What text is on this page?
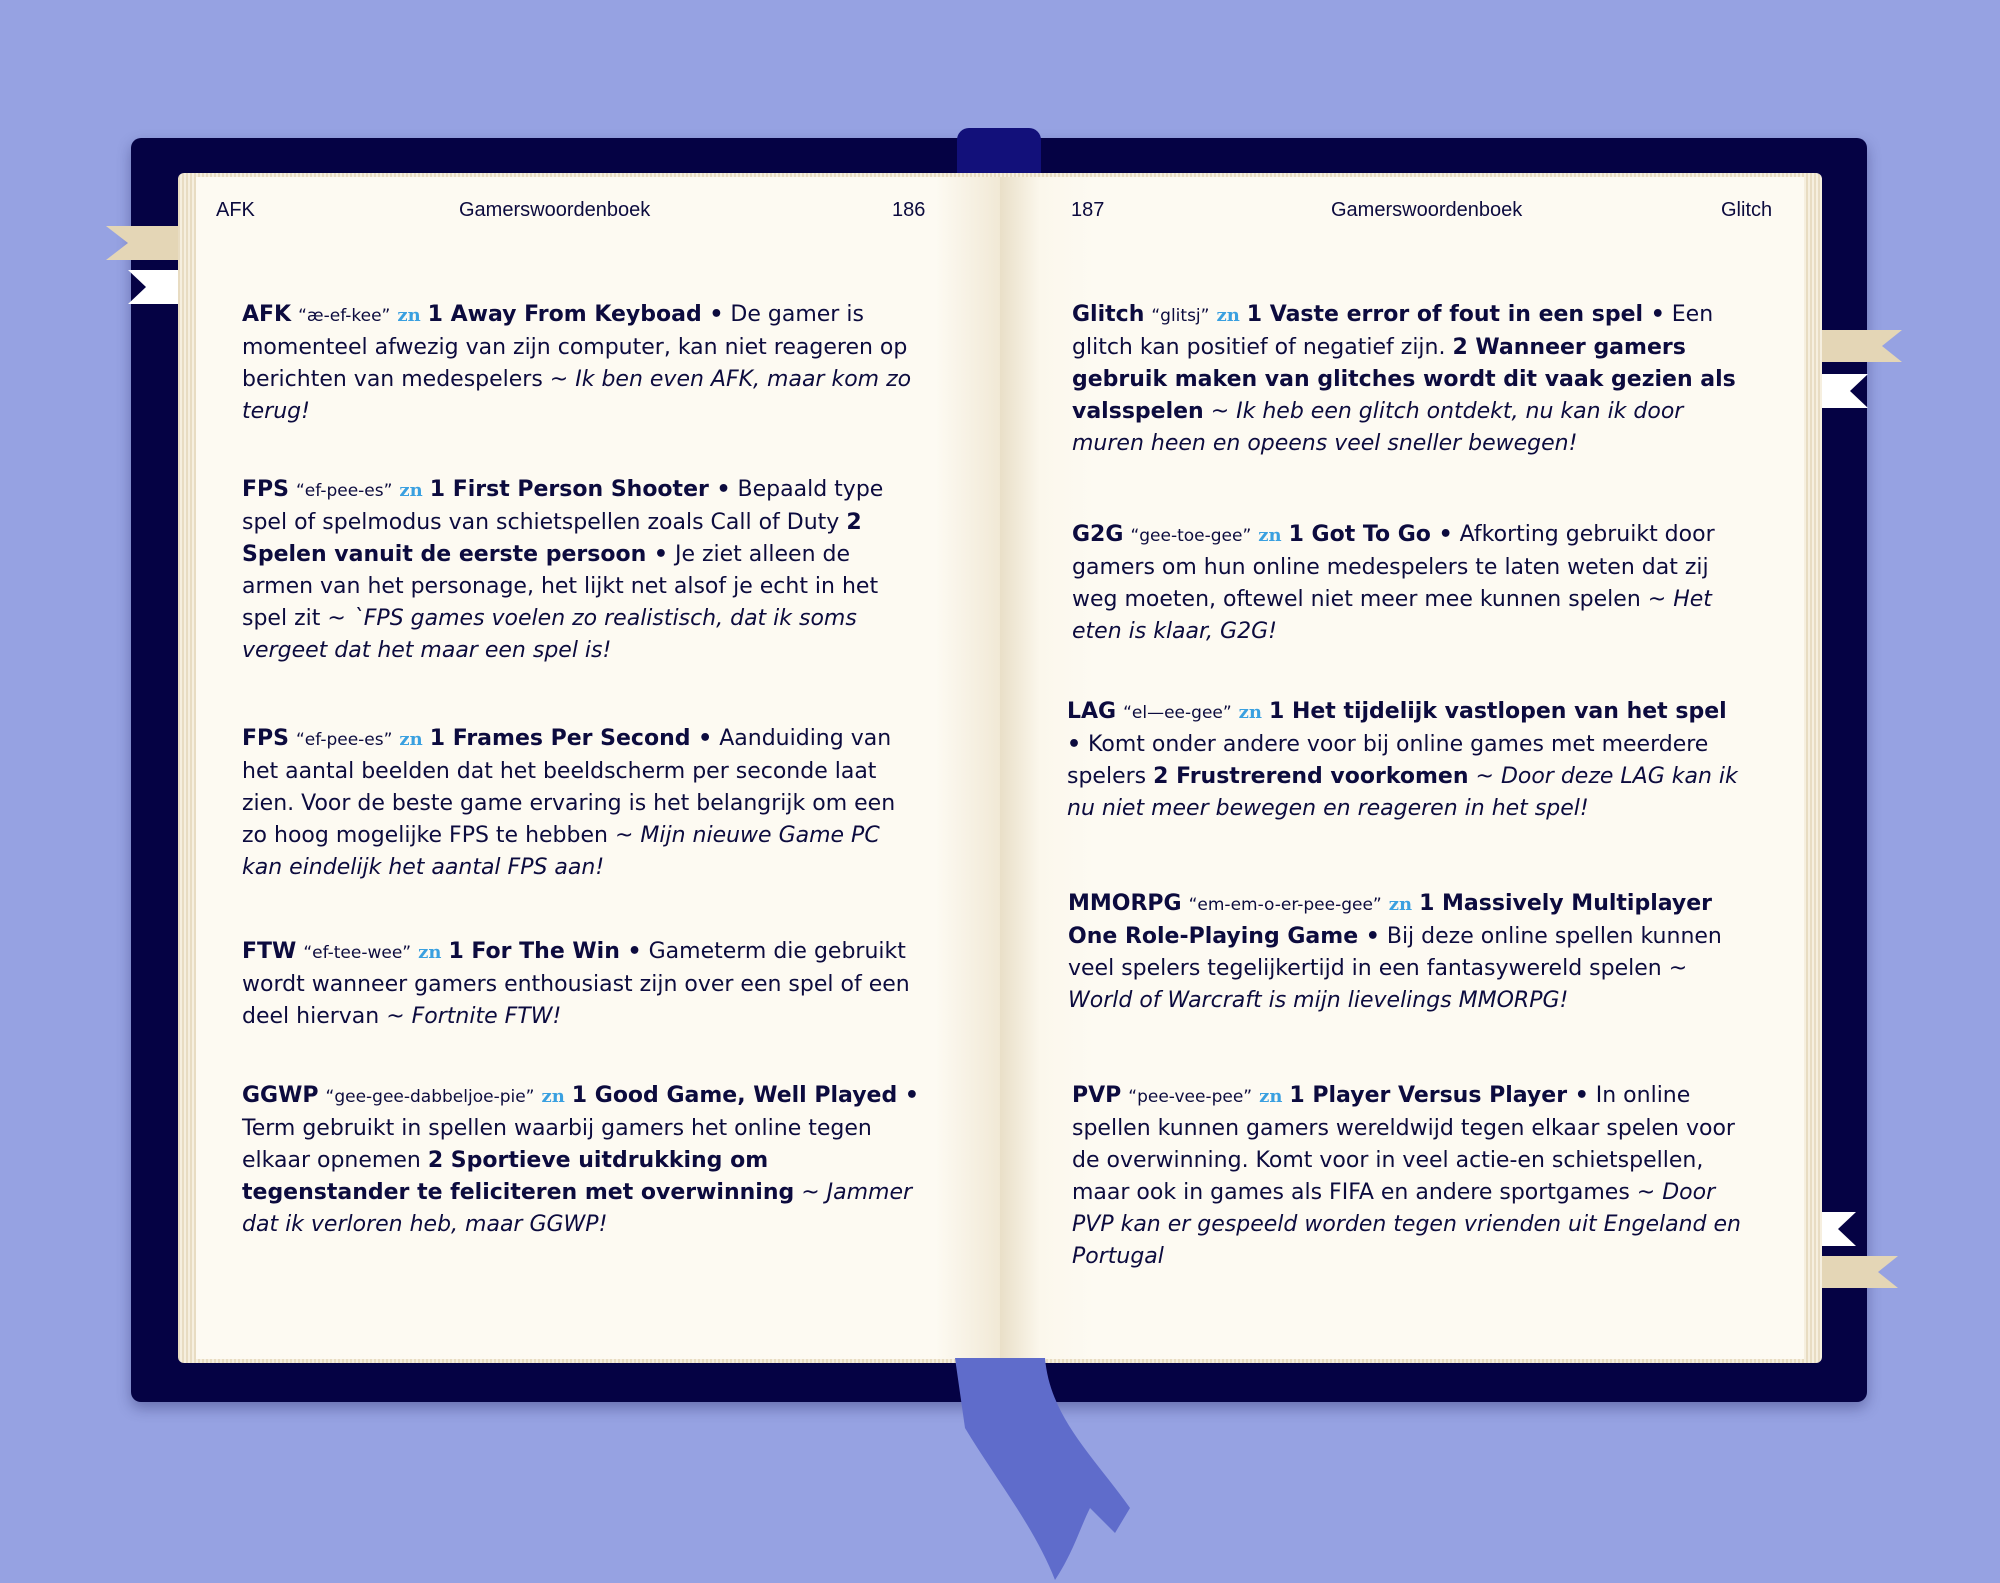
AFK	Gamerswoordenboek	186
AFK “æ-ef-kee” zn 1 Away From Keyboad • De gamer is momenteel afwezig van zijn computer, kan niet reageren op berichten van medespelers ~ Ik ben even AFK, maar kom zo terug!
FPS “ef-pee-es” zn 1 First Person Shooter • Bepaald type spel of spelmodus van schietspellen zoals Call of Duty 2 Spelen vanuit de eerste persoon • Je ziet alleen de armen van het personage, het lijkt net alsof je echt in het spel zit ~ `FPS games voelen zo realistisch, dat ik soms vergeet dat het maar een spel is!
FPS “ef-pee-es” zn 1 Frames Per Second • Aanduiding van het aantal beelden dat het beeldscherm per seconde laat zien. Voor de beste game ervaring is het belangrijk om een zo hoog mogelijke FPS te hebben ~ Mijn nieuwe Game PC kan eindelijk het aantal FPS aan!
FTW “ef-tee-wee” zn 1 For The Win • Gameterm die gebruikt wordt wanneer gamers enthousiast zijn over een spel of een deel hiervan ~ Fortnite FTW!
GGWP “gee-gee-dabbeljoe-pie” zn 1 Good Game, Well Played • Term gebruikt in spellen waarbij gamers het online tegen elkaar opnemen 2 Sportieve uitdrukking om tegenstander te feliciteren met overwinning ~ Jammer dat ik verloren heb, maar GGWP!
187	Gamerswoordenboek	Glitch
Glitch “glitsj” zn 1 Vaste error of fout in een spel • Een glitch kan positief of negatief zijn. 2 Wanneer gamers gebruik maken van glitches wordt dit vaak gezien als valsspelen ~ Ik heb een glitch ontdekt, nu kan ik door muren heen en opeens veel sneller bewegen!
G2G “gee-toe-gee” zn 1 Got To Go • Afkorting gebruikt door gamers om hun online medespelers te laten weten dat zij weg moeten, oftewel niet meer mee kunnen spelen ~ Het eten is klaar, G2G!
LAG “el—ee-gee” zn 1 Het tijdelijk vastlopen van het spel • Komt onder andere voor bij online games met meerdere spelers 2 Frustrerend voorkomen ~ Door deze LAG kan ik nu niet meer bewegen en reageren in het spel!
MMORPG “em-em-o-er-pee-gee” zn 1 Massively Multiplayer One Role-Playing Game • Bij deze online spellen kunnen veel spelers tegelijkertijd in een fantasywereld spelen ~ World of Warcraft is mijn lievelings MMORPG!
PVP “pee-vee-pee” zn 1 Player Versus Player • In online spellen kunnen gamers wereldwijd tegen elkaar spelen voor de overwinning. Komt voor in veel actie-en schietspellen, maar ook in games als FIFA en andere sportgames ~ Door PVP kan er gespeeld worden tegen vrienden uit Engeland en Portugal
